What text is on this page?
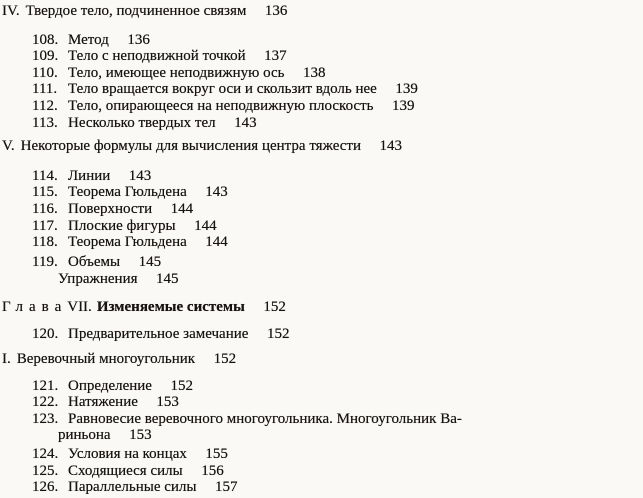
IV. Твердое тело, подчиненное связям	136
108. Метод	136
109. Тело с неподвижной точкой	137
110. Тело, имеющее неподвижную ось	138
111. Тело вращается вокруг оси и скользит вдоль нее	139
112. Тело, опирающееся на неподвижную плоскость	139
113. Несколько твердых тел	143
V. Некоторые формулы для вычисления центра тяжести	143
114. Линии	143
115. Теорема Гюльдена	143
116. Поверхности	144
117. Плоские фигуры	144
118. Теорема Гюльдена	144
119. Объемы	145
Упражнения	145
Глава VII. Изменяемые системы	152
120. Предварительное замечание	152
I. Веревочный многоугольник	152
121. Определение	152
122. Натяжение	153
123. Равновесие веревочного многоугольника. Многоугольник Ва-
риньона	153
124. Условия на концах	155
125. Сходящиеся силы	156
126. Параллельные силы	157
